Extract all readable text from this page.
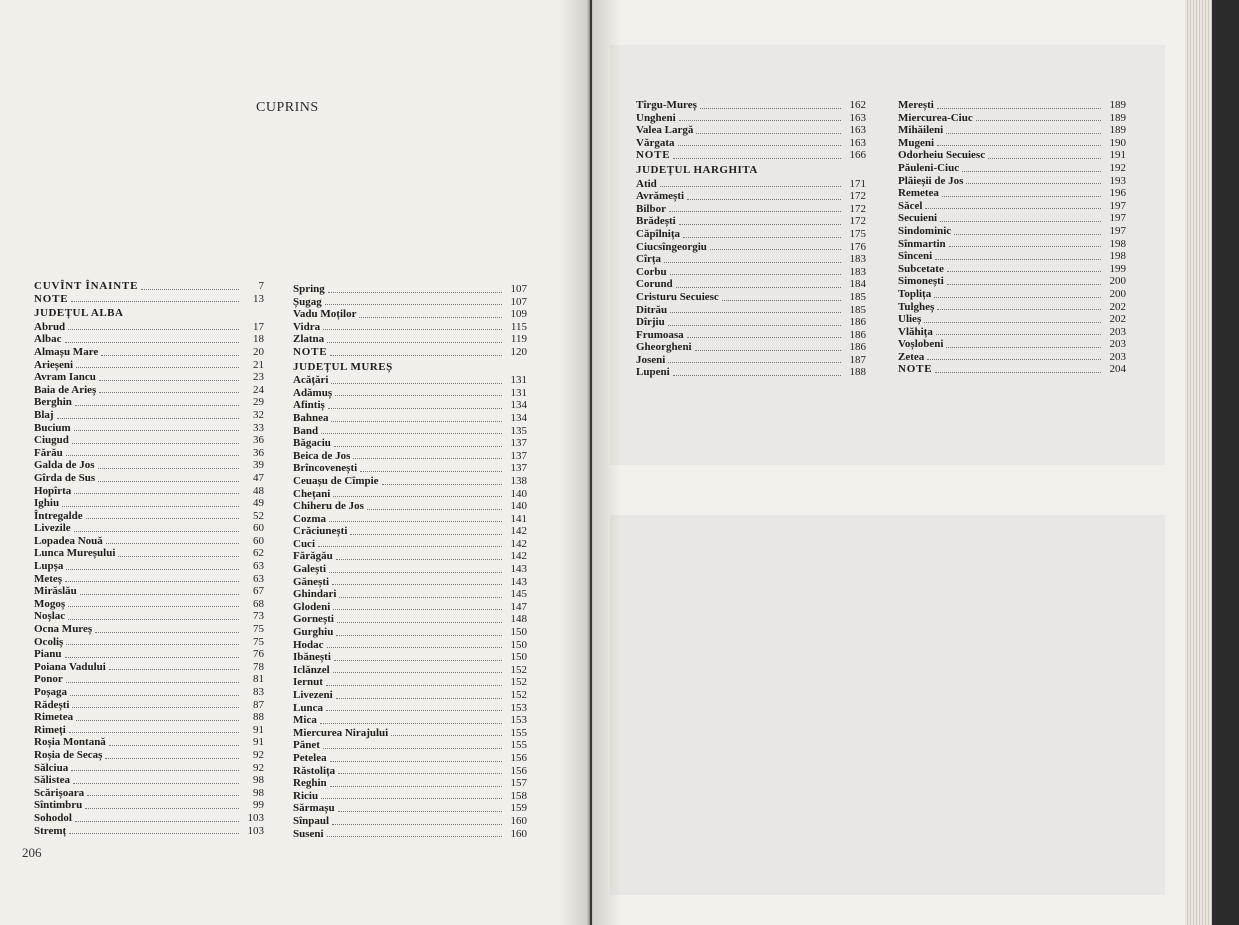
CUPRINS
CUVÎNT ÎNAINTE	7
NOTE	13
JUDEȚUL ALBA
Abrud	17
Albac	18
Almașu Mare	20
Arieșeni	21
Avram Iancu	23
Baia de Arieș	24
Berghin	29
Blaj	32
Bucium	33
Ciugud	36
Fărău	36
Galda de Jos	39
Gîrda de Sus	47
Hopîrta	48
Ighiu	49
Întregalde	52
Livezile	60
Lopadea Nouă	60
Lunca Mureșului	62
Lupșa	63
Meteș	63
Mirăslău	67
Mogoș	68
Noșlac	73
Ocna Mureș	75
Ocoliș	75
Pianu	76
Poiana Vadului	78
Ponor	81
Poșaga	83
Rădești	87
Rimetea	88
Rimeți	91
Roșia Montană	91
Roșia de Secaș	92
Sălciua	92
Sălistea	98
Scărișoara	98
Sîntimbru	99
Sohodol	103
Stremț	103
Spring	107
Șugag	107
Vadu Moților	109
Vidra	115
Zlatna	119
NOTE	120
JUDEȚUL MUREȘ
Acățări	131
Adămuș	131
Afintiș	134
Bahnea	134
Band	135
Băgaciu	137
Beica de Jos	137
Brîncovenești	137
Ceuașu de Cîmpie	138
Chețani	140
Chiheru de Jos	140
Cozma	141
Crăciunești	142
Cuci	142
Fărăgău	142
Galești	143
Gănești	143
Ghindari	145
Glodeni	147
Gornești	148
Gurghiu	150
Hodac	150
Ibănești	150
Iclănzel	152
Iernut	152
Livezeni	152
Lunca	153
Mica	153
Miercurea Nirajului	155
Pănet	155
Petelea	156
Răstolița	156
Reghin	157
Riciu	158
Sărmașu	159
Sînpaul	160
Suseni	160
206
Tîrgu-Mureș	162
Ungheni	163
Valea Largă	163
Vărgata	163
NOTE	166
JUDEȚUL HARGHITA
Atid	171
Avrămești	172
Bilbor	172
Brădești	172
Căpîlnița	175
Ciucsîngeorgiu	176
Cîrța	183
Corbu	183
Corund	184
Cristuru Secuiesc	185
Ditrău	185
Dîrjiu	186
Frumoasa	186
Gheorgheni	186
Joseni	187
Lupeni	188
Merești	189
Miercurea-Ciuc	189
Mihăileni	189
Mugeni	190
Odorheiu Secuiesc	191
Păuleni-Ciuc	192
Plăieșii de Jos	193
Remetea	196
Săcel	197
Secuieni	197
Sindominic	197
Sînmartin	198
Sîncenі	198
Subcetate	199
Simonești	200
Toplița	200
Tulgheș	202
Ulieș	202
Vlăhița	203
Voșlobeni	203
Zetea	203
NOTE	204
